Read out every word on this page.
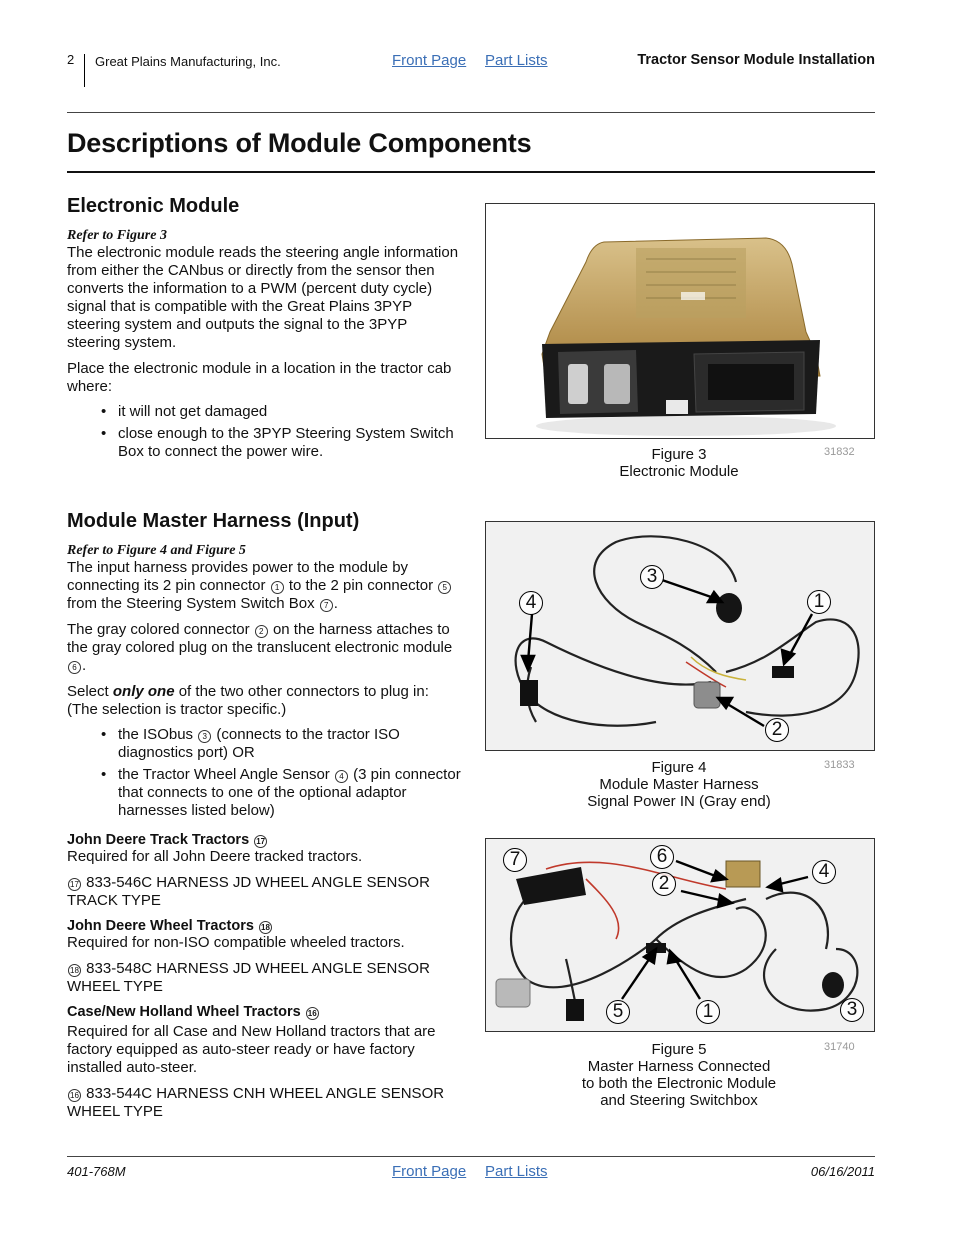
2 Great Plains Manufacturing, Inc.	Front Page Part Lists	Tractor Sensor Module Installation
Descriptions of Module Components
Electronic Module
Refer to Figure 3

The electronic module reads the steering angle information from either the CANbus or directly from the sensor then converts the information to a PWM (percent duty cycle) signal that is compatible with the Great Plains 3PYP steering system and outputs the signal to the 3PYP steering system.

Place the electronic module in a location in the tractor cab where:

• it will not get damaged
• close enough to the 3PYP Steering System Switch Box to connect the power wire.	Figure 3
Electronic Module
31832
Module Master Harness (Input)
Refer to Figure 4 and Figure 5

The input harness provides power to the module by connecting its 2 pin connector 1 to the 2 pin connector 5 from the Steering System Switch Box 7 .

The gray colored connector 2 on the harness attaches to the gray colored plug on the translucent electronic module 6 .

Select only one of the two other connectors to plug in: (The selection is tractor specific.)

• the ISObus 3 (connects to the tractor ISO diagnostics port) OR
• the Tractor Wheel Angle Sensor 4 (3 pin connector that connects to one of the optional adaptor harnesses listed below)
John Deere Track Tractors 17

Required for all John Deere tracked tractors.

17 833-546C HARNESS JD WHEEL ANGLE SENSOR TRACK TYPE

John Deere Wheel Tractors 18

Required for non-ISO compatible wheeled tractors.

18 833-548C HARNESS JD WHEEL ANGLE SENSOR WHEEL TYPE

Case/New Holland Wheel Tractors 16

Required for all Case and New Holland tractors that are factory equipped as auto-steer ready or have factory installed auto-steer.

16 833-544C HARNESS CNH WHEEL ANGLE SENSOR WHEEL TYPE

3
4	1
2
Figure 4
Module Master Harness
Signal Power IN (Gray end)
31833
7	6
2
4
5	1	3
Figure 5
Master Harness Connected
to both the Electronic Module
and Steering Switchbox
31740
401-768M	Front Page Part Lists	06/16/2011
